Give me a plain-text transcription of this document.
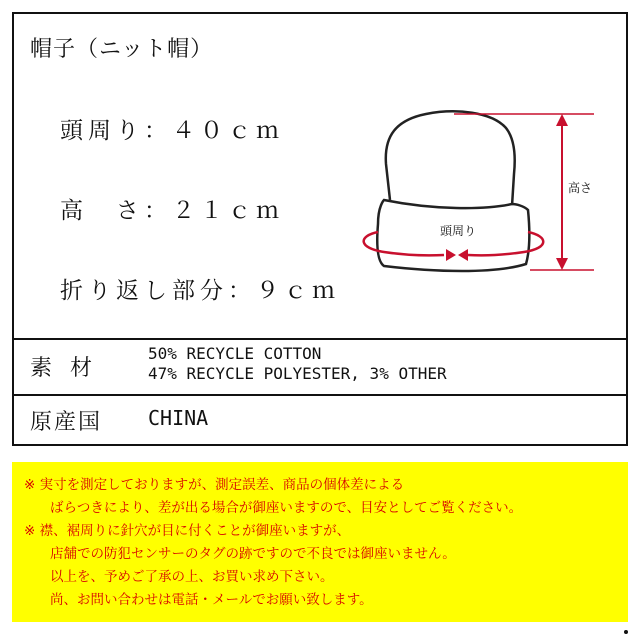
帽子（ニット帽）
頭周り：４０ｃｍ
高　さ：２１ｃｍ
折り返し部分：９ｃｍ
頭周り
高さ
素材
50% RECYCLE COTTON
47% RECYCLE POLYESTER, 3% OTHER
原産国 CHINA

※ 実寸を測定しておりますが、測定誤差、商品の個体差による

ばらつきにより、差が出る場合が御座いますので、目安としてご覧ください。

※ 襟、裾周りに針穴が目に付くことが御座いますが、

店舗での防犯センサーのタグの跡ですので不良では御座いません。

以上を、予めご了承の上、お買い求め下さい。

尚、お問い合わせは電話・メールでお願い致します。
